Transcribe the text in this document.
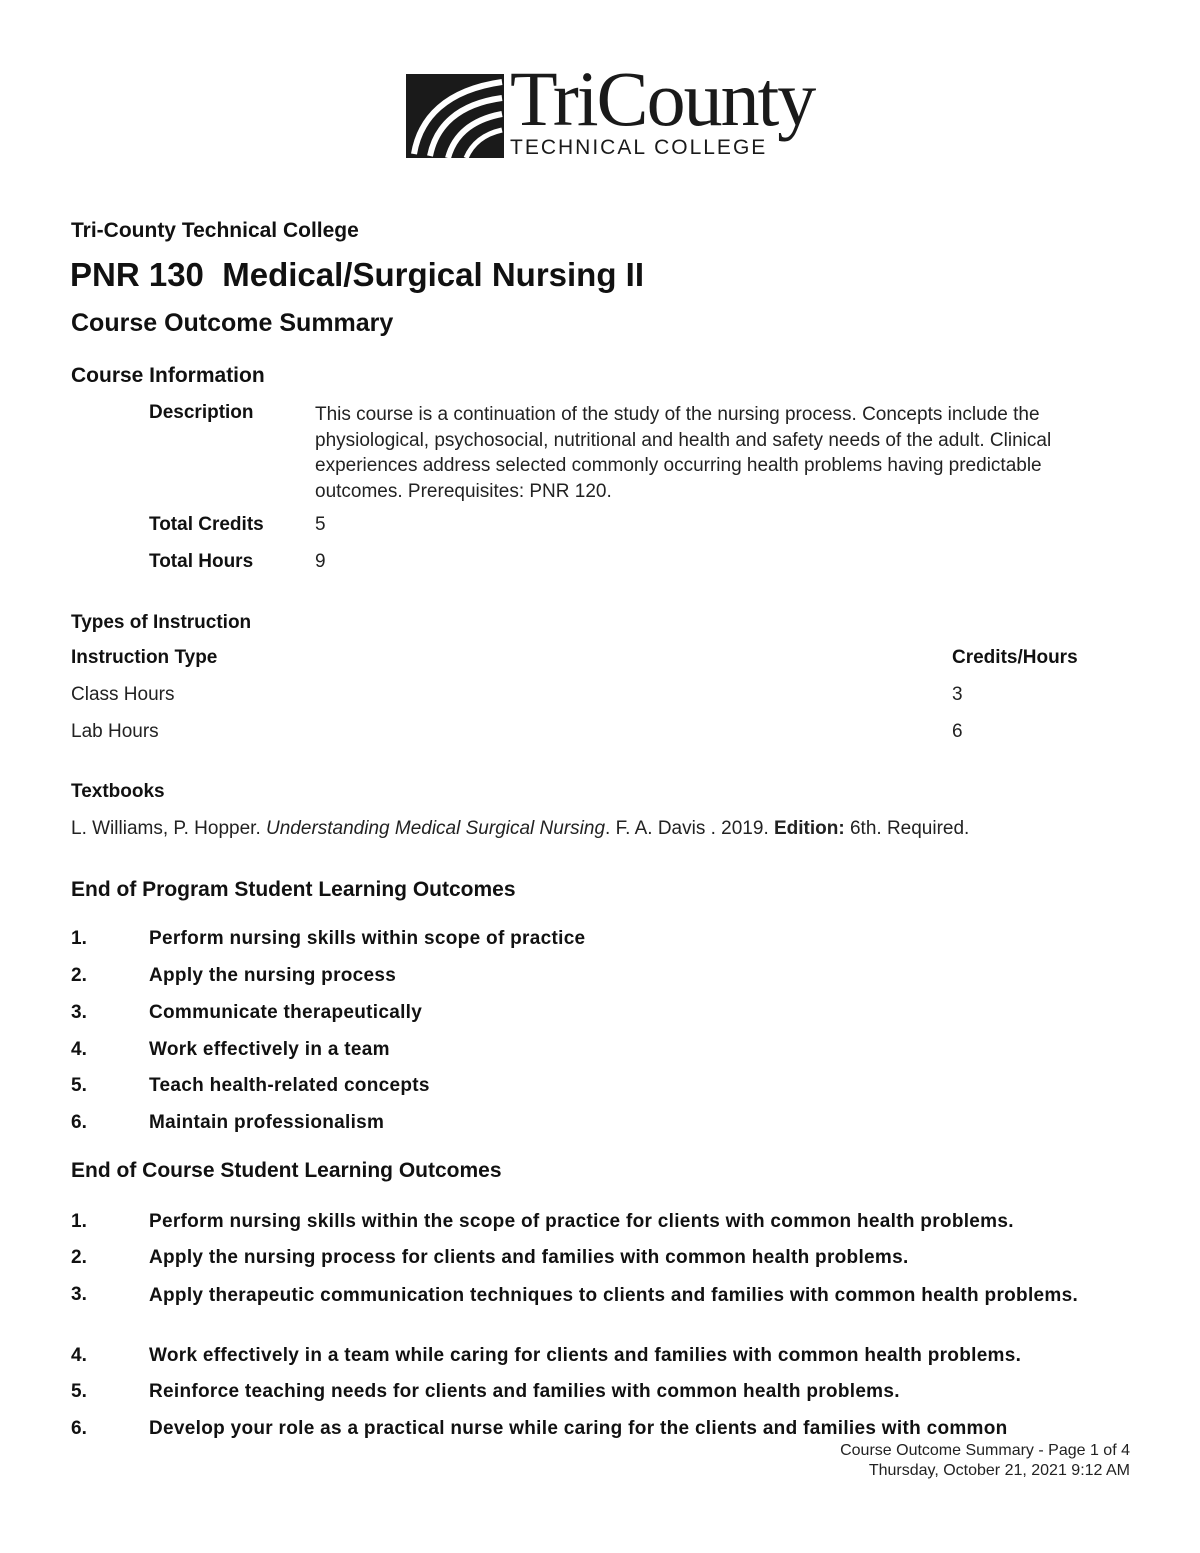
TriCounty
TECHNICAL COLLEGE
Tri-County Technical College
PNR 130  Medical/Surgical Nursing II
Course Outcome Summary
Course Information
Description	This course is a continuation of the study of the nursing process. Concepts include the physiological, psychosocial, nutritional and health and safety needs of the adult. Clinical experiences address selected commonly occurring health problems having predictable outcomes. Prerequisites: PNR 120.
Total Credits	5
Total Hours	9
Types of Instruction
Instruction Type	Credits/Hours
Class Hours	3
Lab Hours	6
Textbooks
L. Williams, P. Hopper. Understanding Medical Surgical Nursing. F. A. Davis . 2019. Edition: 6th. Required.
End of Program Student Learning Outcomes
1.	Perform nursing skills within scope of practice
2.	Apply the nursing process
3.	Communicate therapeutically
4.	Work effectively in a team
5.	Teach health-related concepts
6.	Maintain professionalism
End of Course Student Learning Outcomes
1.	Perform nursing skills within the scope of practice for clients with common health problems.
2.	Apply the nursing process for clients and families with common health problems.
3.	Apply therapeutic communication techniques to clients and families with common health problems.
4.	Work effectively in a team while caring for clients and families with common health problems.
5.	Reinforce teaching needs for clients and families with common health problems.
6.	Develop your role as a practical nurse while caring for the clients and families with common
Course Outcome Summary - Page 1 of 4
Thursday, October 21, 2021 9:12 AM
